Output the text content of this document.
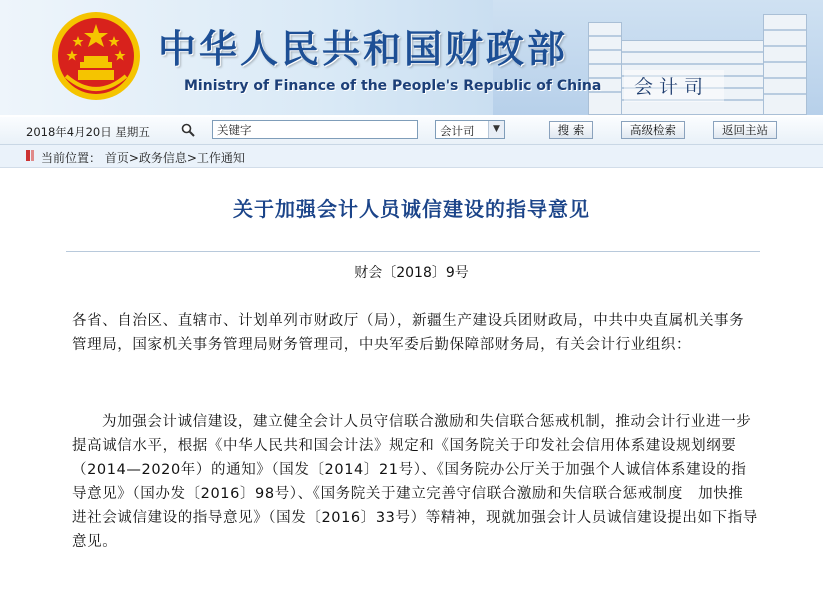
中华人民共和国财政部
Ministry of Finance of the People's Republic of China 会计司
2018年4月20日 星期五
关键字	会计司	▼	搜 索	高级检索	返回主站
当前位置： 首页>政务信息>工作通知
关于加强会计人员诚信建设的指导意见
财会〔2018〕9号
各省、自治区、直辖市、计划单列市财政厅（局），新疆生产建设兵团财政局，中共中央直属机关事务管理局，国家机关事务管理局财务管理司，中央军委后勤保障部财务局，有关会计行业组织：
为加强会计诚信建设，建立健全会计人员守信联合激励和失信联合惩戒机制，推动会计行业进一步提高诚信水平，根据《中华人民共和国会计法》规定和《国务院关于印发社会信用体系建设规划纲要（2014—2020年）的通知》（国发〔2014〕21号）、《国务院办公厅关于加强个人诚信体系建设的指导意见》（国办发〔2016〕98号）、《国务院关于建立完善守信联合激励和失信联合惩戒制度　加快推进社会诚信建设的指导意见》（国发〔2016〕33号）等精神，现就加强会计人员诚信建设提出如下指导意见。
